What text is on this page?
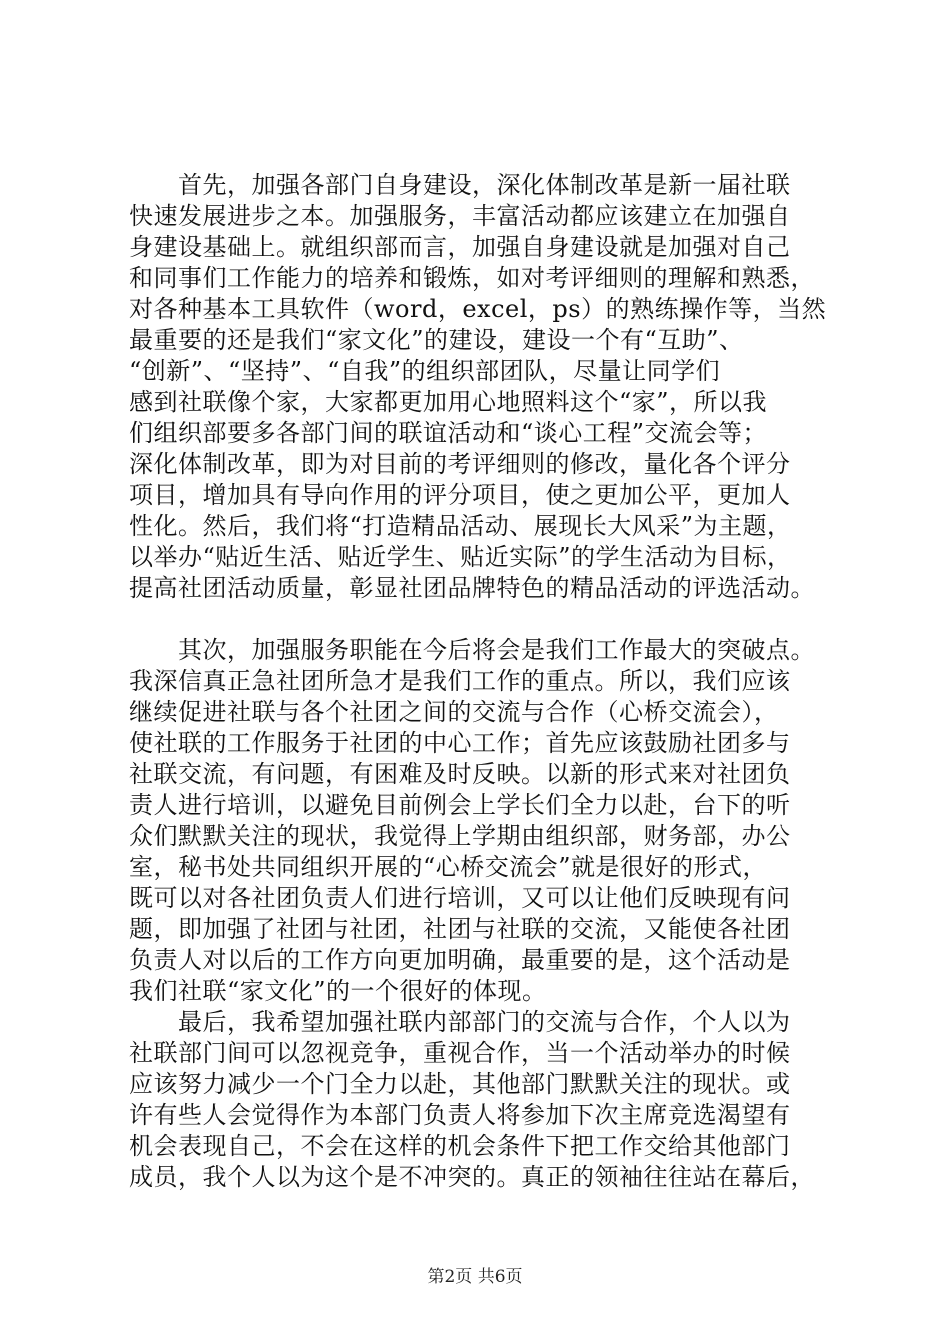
　　首先，加强各部门自身建设，深化体制改革是新一届社联
快速发展进步之本。加强服务，丰富活动都应该建立在加强自
身建设基础上。就组织部而言，加强自身建设就是加强对自己
和同事们工作能力的培养和锻炼，如对考评细则的理解和熟悉，
对各种基本工具软件（word，excel，ps）的熟练操作等，当然
最重要的还是我们“家文化”的建设，建设一个有“互助”、
“创新”、“坚持”、“自我”的组织部团队，尽量让同学们
感到社联像个家，大家都更加用心地照料这个“家”，所以我
们组织部要多各部门间的联谊活动和“谈心工程”交流会等；
深化体制改革，即为对目前的考评细则的修改，量化各个评分
项目，增加具有导向作用的评分项目，使之更加公平，更加人
性化。然后，我们将“打造精品活动、展现长大风采”为主题，
以举办“贴近生活、贴近学生、贴近实际”的学生活动为目标，
提高社团活动质量，彰显社团品牌特色的精品活动的评选活动。
　　其次，加强服务职能在今后将会是我们工作最大的突破点。
我深信真正急社团所急才是我们工作的重点。所以，我们应该
继续促进社联与各个社团之间的交流与合作（心桥交流会），
使社联的工作服务于社团的中心工作；首先应该鼓励社团多与
社联交流，有问题，有困难及时反映。以新的形式来对社团负
责人进行培训，以避免目前例会上学长们全力以赴，台下的听
众们默默关注的现状，我觉得上学期由组织部，财务部，办公
室，秘书处共同组织开展的“心桥交流会”就是很好的形式，
既可以对各社团负责人们进行培训，又可以让他们反映现有问
题，即加强了社团与社团，社团与社联的交流，又能使各社团
负责人对以后的工作方向更加明确，最重要的是，这个活动是
我们社联“家文化”的一个很好的体现。
　　最后，我希望加强社联内部部门的交流与合作，个人以为
社联部门间可以忽视竞争，重视合作，当一个活动举办的时候
应该努力减少一个门全力以赴，其他部门默默关注的现状。或
许有些人会觉得作为本部门负责人将参加下次主席竞选渴望有
机会表现自己，不会在这样的机会条件下把工作交给其他部门
成员，我个人以为这个是不冲突的。真正的领袖往往站在幕后，
第2页 共6页
